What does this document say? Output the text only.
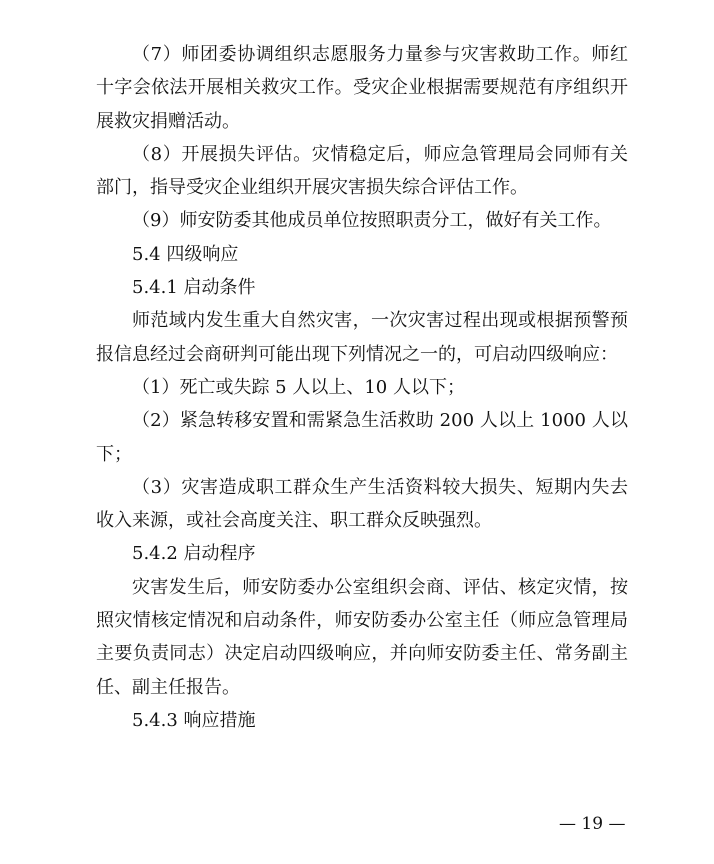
（7）师团委协调组织志愿服务力量参与灾害救助工作。师红十字会依法开展相关救灾工作。受灾企业根据需要规范有序组织开展救灾捐赠活动。

（8）开展损失评估。灾情稳定后，师应急管理局会同师有关部门，指导受灾企业组织开展灾害损失综合评估工作。

（9）师安防委其他成员单位按照职责分工，做好有关工作。

5.4 四级响应

5.4.1 启动条件

师范域内发生重大自然灾害，一次灾害过程出现或根据预警预报信息经过会商研判可能出现下列情况之一的，可启动四级响应：

（1）死亡或失踪 5 人以上、10 人以下；

（2）紧急转移安置和需紧急生活救助 200 人以上 1000 人以下；

（3）灾害造成职工群众生产生活资料较大损失、短期内失去收入来源，或社会高度关注、职工群众反映强烈。

5.4.2 启动程序

灾害发生后，师安防委办公室组织会商、评估、核定灾情，按照灾情核定情况和启动条件，师安防委办公室主任（师应急管理局主要负责同志）决定启动四级响应，并向师安防委主任、常务副主任、副主任报告。

5.4.3 响应措施

— 19 —
